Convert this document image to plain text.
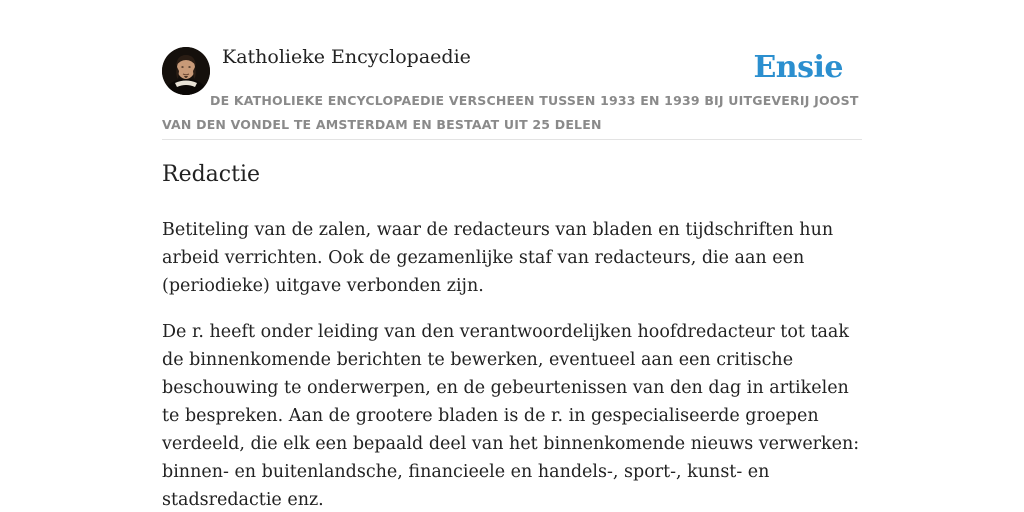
Katholieke Encyclopaedie	Ensie

DE KATHOLIEKE ENCYCLOPAEDIE VERSCHEEN TUSSEN 1933 EN 1939 BIJ UITGEVERIJ JOOST VAN DEN VONDEL TE AMSTERDAM EN BESTAAT UIT 25 DELEN

Redactie

Betiteling van de zalen, waar de redacteurs van bladen en tijdschriften hun arbeid verrichten. Ook de gezamenlijke staf van redacteurs, die aan een (periodieke) uitgave verbonden zijn.

De r. heeft onder leiding van den verantwoordelijken hoofdredacteur tot taak de binnenkomende berichten te bewerken, eventueel aan een critische beschouwing te onderwerpen, en de gebeurtenissen van den dag in artikelen te bespreken. Aan de grootere bladen is de r. in gespecialiseerde groepen verdeeld, die elk een bepaald deel van het binnenkomende nieuws verwerken: binnen- en buitenlandsche, financieele en handels-, sport-, kunst- en stadsredactie enz.
